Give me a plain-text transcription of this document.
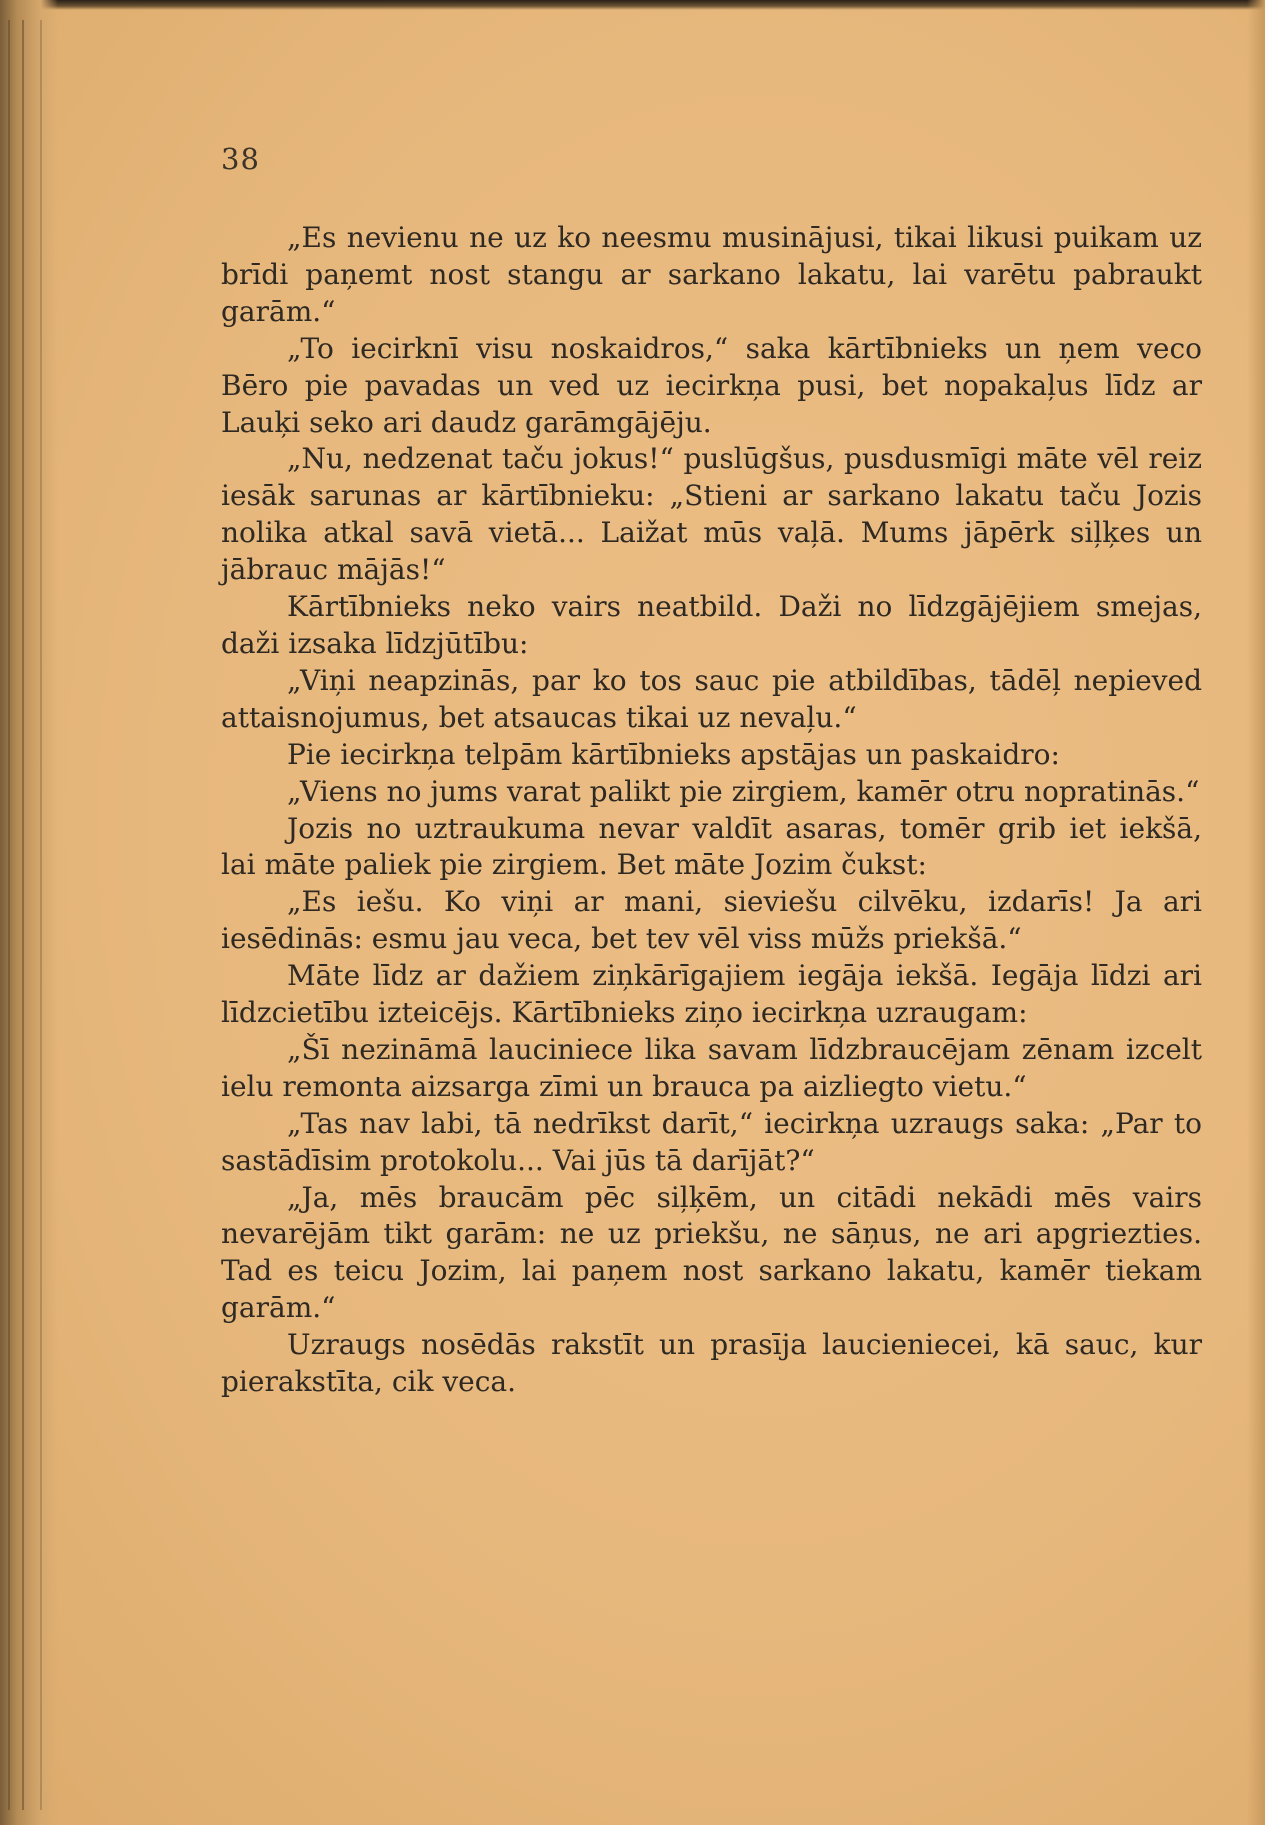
38

„Es nevienu ne uz ko neesmu musinājusi, tikai likusi puikam uz brīdi paņemt nost stangu ar sarkano lakatu, lai varētu pabraukt garām.“

„To iecirknī visu noskaidros,“ saka kārtībnieks un ņem veco Bēro pie pavadas un ved uz iecirkņa pusi, bet nopakaļus līdz ar Lauķi seko ari daudz garāmgājēju.

„Nu, nedzenat taču jokus!“ puslūgšus, pusdusmīgi māte vēl reiz iesāk sarunas ar kārtībnieku: „Stieni ar sarkano lakatu taču Jozis nolika atkal savā vietā... Laižat mūs vaļā. Mums jāpērk siļķes un jābrauc mājās!“

Kārtībnieks neko vairs neatbild. Daži no līdzgājējiem smejas, daži izsaka līdzjūtību:

„Viņi neapzinās, par ko tos sauc pie atbildības, tādēļ nepieved attaisnojumus, bet atsaucas tikai uz nevaļu.“

Pie iecirkņa telpām kārtībnieks apstājas un paskaidro:

„Viens no jums varat palikt pie zirgiem, kamēr otru nopratinās.“

Jozis no uztraukuma nevar valdīt asaras, tomēr grib iet iekšā, lai māte paliek pie zirgiem. Bet māte Jozim čukst:

„Es iešu. Ko viņi ar mani, sieviešu cilvēku, izdarīs! Ja ari iesēdinās: esmu jau veca, bet tev vēl viss mūžs priekšā.“

Māte līdz ar dažiem ziņkārīgajiem iegāja iekšā. Iegāja līdzi ari līdzcietību izteicējs. Kārtībnieks ziņo iecirkņa uzraugam:

„Šī nezināmā lauciniece lika savam līdzbraucējam zēnam izcelt ielu remonta aizsarga zīmi un brauca pa aizliegto vietu.“

„Tas nav labi, tā nedrīkst darīt,“ iecirkņa uzraugs saka: „Par to sastādīsim protokolu... Vai jūs tā darījāt?“

„Ja, mēs braucām pēc siļķēm, un citādi nekādi mēs vairs nevarējām tikt garām: ne uz priekšu, ne sāņus, ne ari apgriezties. Tad es teicu Jozim, lai paņem nost sarkano lakatu, kamēr tiekam garām.“

Uzraugs nosēdās rakstīt un prasīja laucieniecei, kā sauc, kur pierakstīta, cik veca.
